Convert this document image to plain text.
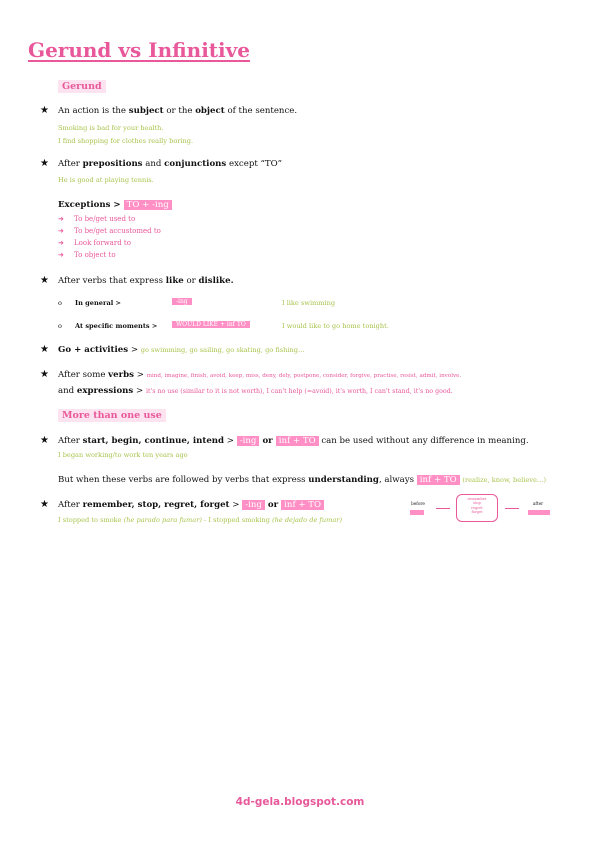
Gerund vs Infinitive
Gerund
★ An action is the subject or the object of the sentence.
Smoking is bad for your health.
I find shopping for clothes really boring.
★ After prepositions and conjunctions except “TO”
He is good at playing tennis.
Exceptions > TO + -ing
➜ To be/get used to
➜ To be/get accustomed to
➜ Look forward to
➜ To object to
★ After verbs that express like or dislike.
o In general >	-ing	I like swimming
o At specific moments >	WOULD LIKE + inf TO	I would like to go home tonight.
★ Go + activities > go swimming, go sailing, go skating, go fishing…
★ After some verbs > mind, imagine, finish, avoid, keep, miss, deny, dely, postpone, consider, forgive, practise, resist, admit, involve.
and expressions > it's no use (similar to it is not worth), I can't help (=avoid), it's worth, I can't stand, it's no good.
More than one use
★ After start, begin, continue, intend > -ing or inf + TO can be used without any difference in meaning.
I began working/to work ten years ago
But when these verbs are followed by verbs that express understanding, always inf + TO (realize, know, believe…)
★ After remember, stop, regret, forget > -ing or inf + TO
I stopped to smoke (he parado para fumar) - I stopped smoking (he dejado de fumar)
before
remember
stop
regret
forget
after
4d-gela.blogspot.com
